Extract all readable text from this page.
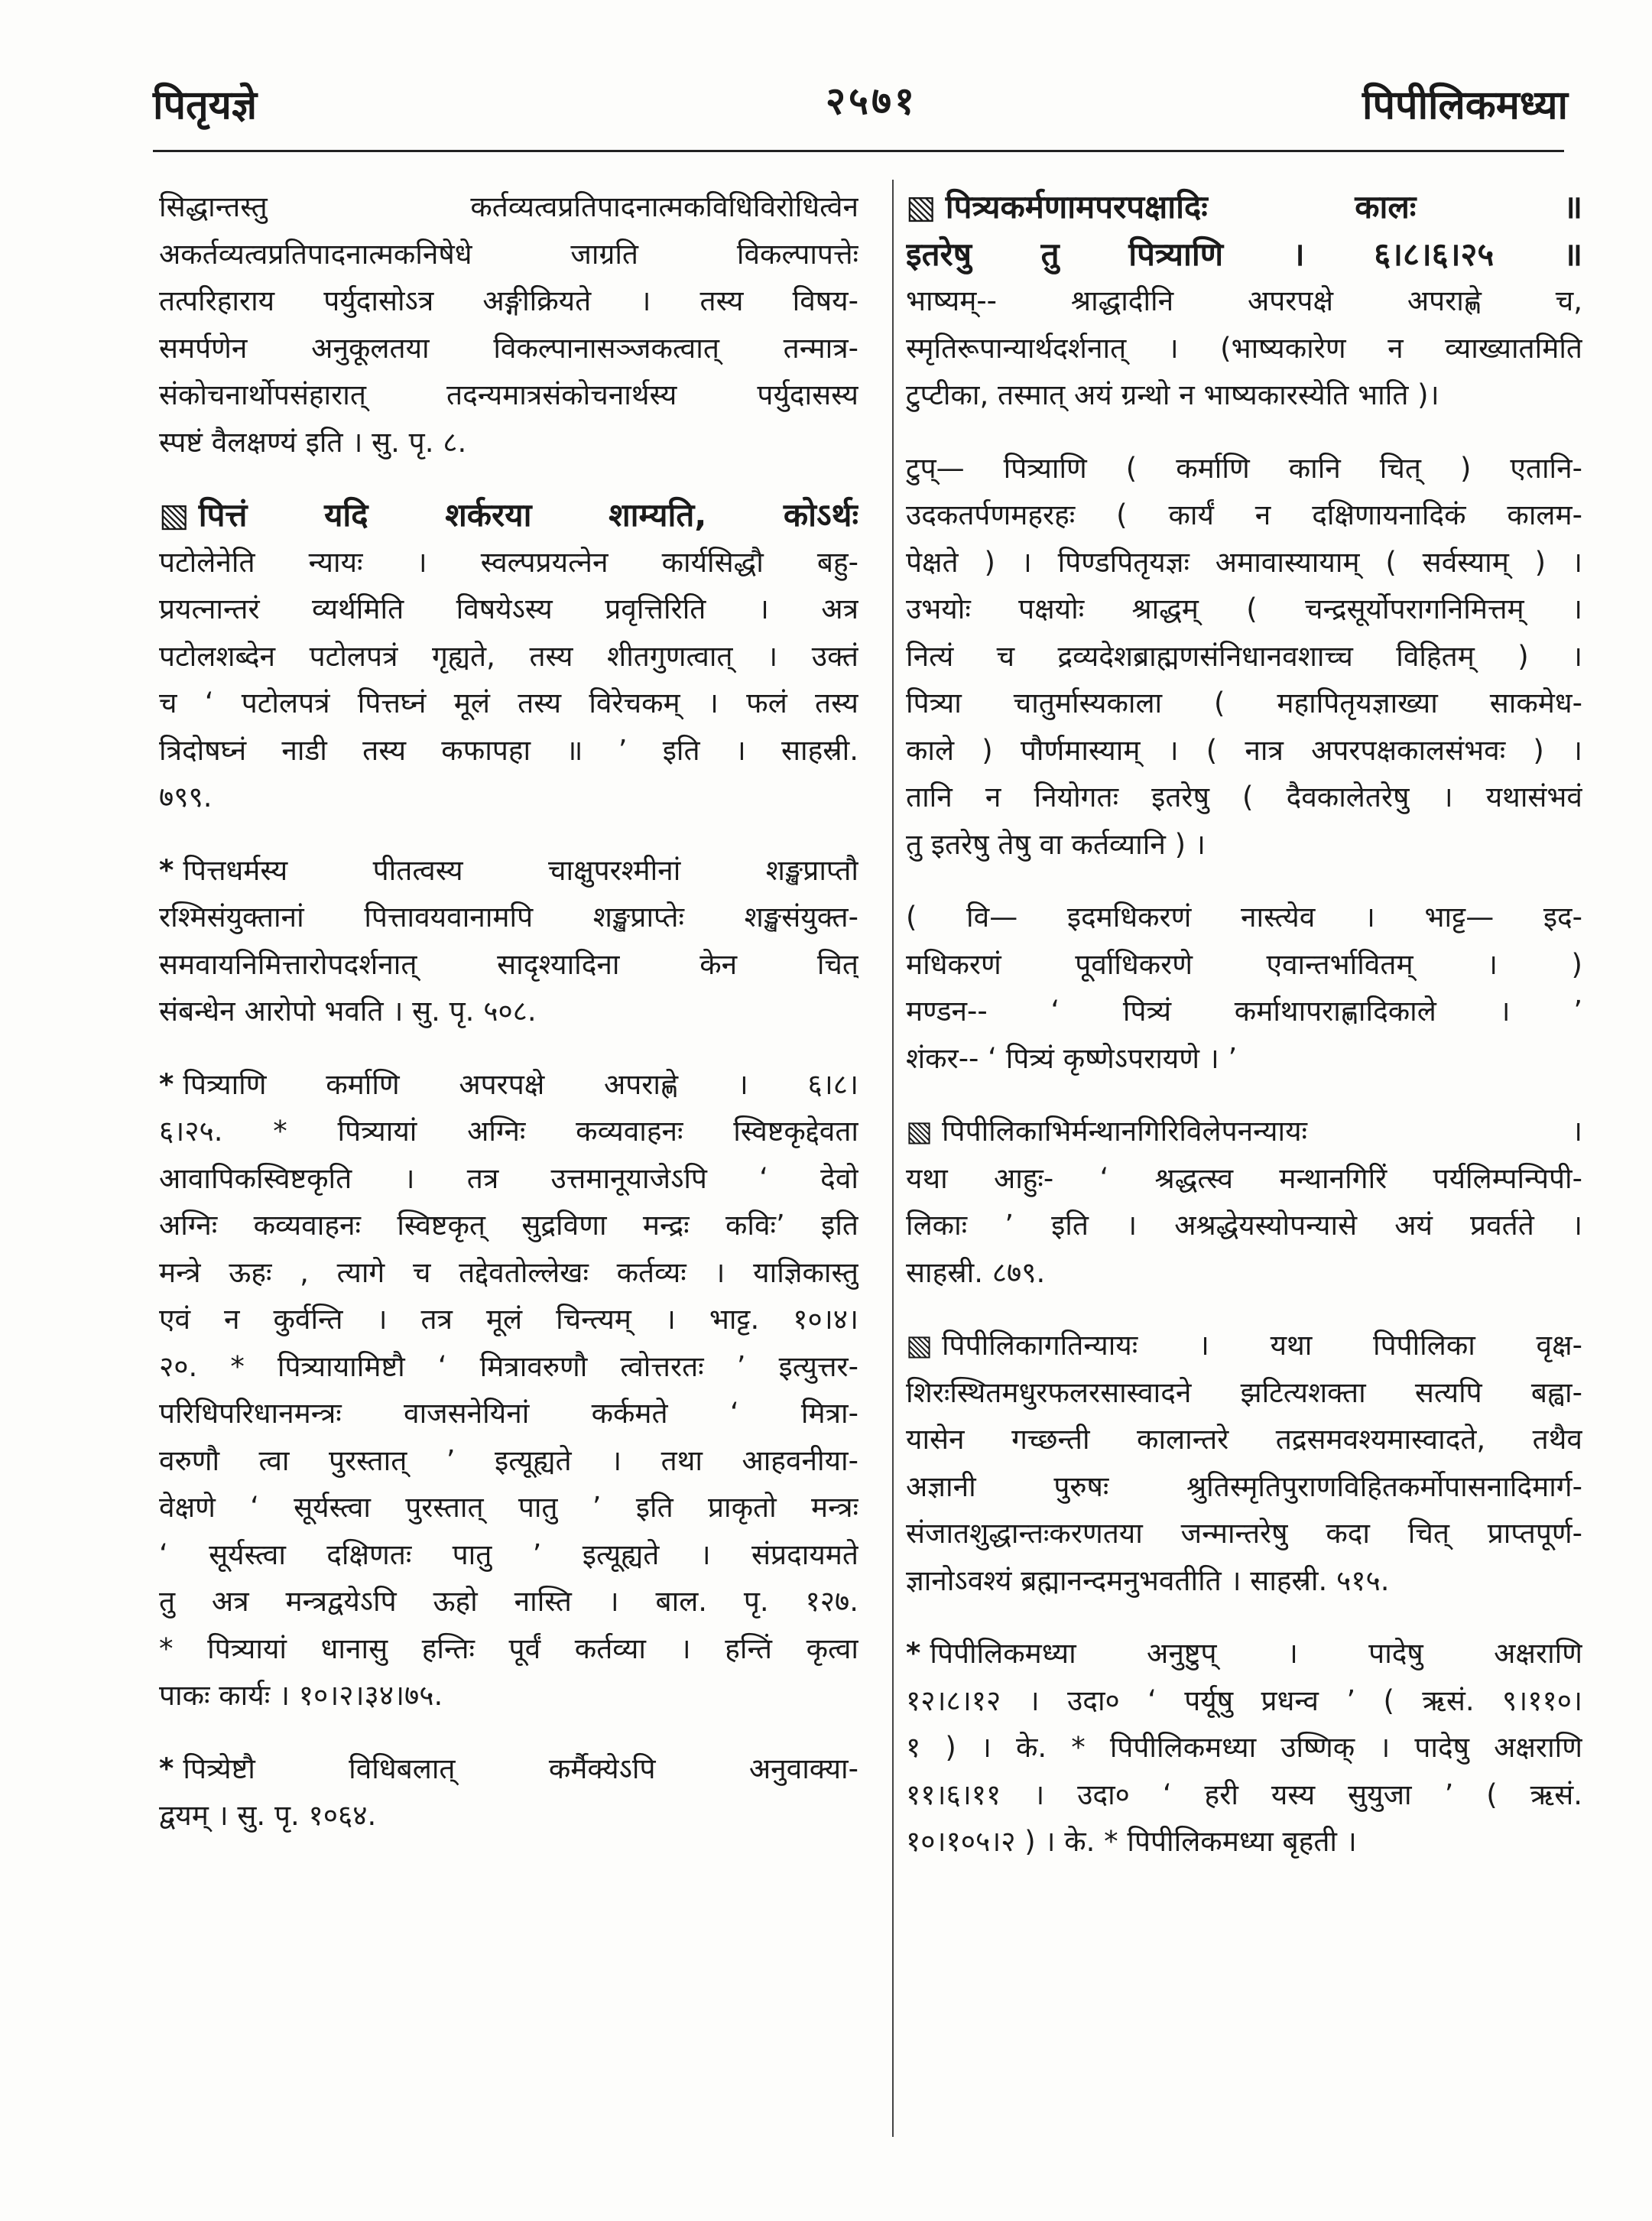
पितृयज्ञे	२५७१	पिपीलिकमध्या
सिद्धान्तस्तु कर्तव्यत्वप्रतिपादनात्मकविधिविरोधित्वेन
अकर्तव्यत्वप्रतिपादनात्मकनिषेधे जाग्रति विकल्पापत्तेः
तत्परिहाराय पर्युदासोऽत्र अङ्गीक्रियते । तस्य विषय-
समर्पणेन अनुकूलतया विकल्पानासञ्जकत्वात् तन्मात्र-
संकोचनार्थोपसंहारात् तदन्यमात्रसंकोचनार्थस्य पर्युदासस्य
स्पष्टं वैलक्षण्यं इति । सु. पृ. ८.
▧ पित्तं यदि शर्करया शाम्यति, कोऽर्थः
पटोलेनेति न्यायः । स्वल्पप्रयत्नेन कार्यसिद्धौ बहु-
प्रयत्नान्तरं व्यर्थमिति विषयेऽस्य प्रवृत्तिरिति । अत्र
पटोलशब्देन पटोलपत्रं गृह्यते, तस्य शीतगुणत्वात् । उक्तं
च ‘ पटोलपत्रं पित्तघ्नं मूलं तस्य विरेचकम् । फलं तस्य
त्रिदोषघ्नं नाडी तस्य कफापहा ॥ ’ इति । साहस्री.
७९९.
* पित्तधर्मस्य पीतत्वस्य चाक्षुपरश्मीनां शङ्खप्राप्तौ
रश्मिसंयुक्तानां पित्तावयवानामपि शङ्खप्राप्तेः शङ्खसंयुक्त-
समवायनिमित्तारोपदर्शनात् सादृश्यादिना केन चित्
संबन्धेन आरोपो भवति । सु. पृ. ५०८.
* पित्र्याणि कर्माणि अपरपक्षे अपराह्णे । ६।८।
६।२५. * पित्र्यायां अग्निः कव्यवाहनः स्विष्टकृद्देवता
आवापिकस्विष्टकृति । तत्र उत्तमानूयाजेऽपि ‘ देवो
अग्निः कव्यवाहनः स्विष्टकृत् सुद्रविणा मन्द्रः कविः’ इति
मन्त्रे ऊहः , त्यागे च तद्देवतोल्लेखः कर्तव्यः । याज्ञिकास्तु
एवं न कुर्वन्ति । तत्र मूलं चिन्त्यम् । भाट्ट. १०।४।
२०. * पित्र्यायामिष्टौ ‘ मित्रावरुणौ त्वोत्तरतः ’ इत्युत्तर-
परिधिपरिधानमन्त्रः वाजसनेयिनां कर्कमते ‘ मित्रा-
वरुणौ त्वा पुरस्तात् ’ इत्यूह्यते । तथा आहवनीया-
वेक्षणे ‘ सूर्यस्त्वा पुरस्तात् पातु ’ इति प्राकृतो मन्त्रः
‘ सूर्यस्त्वा दक्षिणतः पातु ’ इत्यूह्यते । संप्रदायमते
तु अत्र मन्त्रद्वयेऽपि ऊहो नास्ति । बाल. पृ. १२७.
* पित्र्यायां धानासु हन्तिः पूर्वं कर्तव्या । हन्तिं कृत्वा
पाकः कार्यः । १०।२।३४।७५.
* पित्र्येष्टौ विधिबलात् कर्मैक्येऽपि अनुवाक्या-
द्वयम् । सु. पृ. १०६४.
▧ पित्र्यकर्मणामपरपक्षादिः कालः ॥
इतरेषु तु पित्र्याणि । ६।८।६।२५ ॥
भाष्यम्-- श्राद्धादीनि अपरपक्षे अपराह्णे च,
स्मृतिरूपान्यार्थदर्शनात् । (भाष्यकारेण न व्याख्यातमिति
टुप्टीका, तस्मात् अयं ग्रन्थो न भाष्यकारस्येति भाति )।
टुप्— पित्र्याणि ( कर्माणि कानि चित् ) एतानि-
उदकतर्पणमहरहः ( कार्यं न दक्षिणायनादिकं कालम-
पेक्षते ) । पिण्डपितृयज्ञः अमावास्यायाम् ( सर्वस्याम् ) ।
उभयोः पक्षयोः श्राद्धम् ( चन्द्रसूर्योपरागनिमित्तम् ।
नित्यं च द्रव्यदेशब्राह्मणसंनिधानवशाच्च विहितम् ) ।
पित्र्या चातुर्मास्यकाला ( महापितृयज्ञाख्या साकमेध-
काले ) पौर्णमास्याम् । ( नात्र अपरपक्षकालसंभवः ) ।
तानि न नियोगतः इतरेषु ( दैवकालेतरेषु । यथासंभवं
तु इतरेषु तेषु वा कर्तव्यानि ) ।
( वि— इदमधिकरणं नास्त्येव । भाट्ट— इद-
मधिकरणं पूर्वाधिकरणे एवान्तर्भावितम् । )
मण्डन-- ‘ पित्र्यं कर्माथापराह्णादिकाले । ’
शंकर-- ‘ पित्र्यं कृष्णेऽपरायणे । ’
▧ पिपीलिकाभिर्मन्थानगिरिविलेपनन्यायः ।
यथा आहुः- ‘ श्रद्धत्स्व मन्थानगिरिं पर्यलिम्पन्पिपी-
लिकाः ’ इति । अश्रद्धेयस्योपन्यासे अयं प्रवर्तते ।
साहस्री. ८७९.
▧ पिपीलिकागतिन्यायः । यथा पिपीलिका वृक्ष-
शिरःस्थितमधुरफलरसास्वादने झटित्यशक्ता सत्यपि बह्वा-
यासेन गच्छन्ती कालान्तरे तद्रसमवश्यमास्वादते, तथैव
अज्ञानी पुरुषः श्रुतिस्मृतिपुराणविहितकर्मोपासनादिमार्ग-
संजातशुद्धान्तःकरणतया जन्मान्तरेषु कदा चित् प्राप्तपूर्ण-
ज्ञानोऽवश्यं ब्रह्मानन्दमनुभवतीति । साहस्री. ५१५.
* पिपीलिकमध्या अनुष्टुप् । पादेषु अक्षराणि
१२।८।१२ । उदा० ‘ पर्यूषु प्रधन्व ’ ( ऋसं. ९।११०।
१ ) । के. * पिपीलिकमध्या उष्णिक् । पादेषु अक्षराणि
११।६।११ । उदा० ‘ हरी यस्य सुयुजा ’ ( ऋसं.
१०।१०५।२ ) । के. * पिपीलिकमध्या बृहती ।
